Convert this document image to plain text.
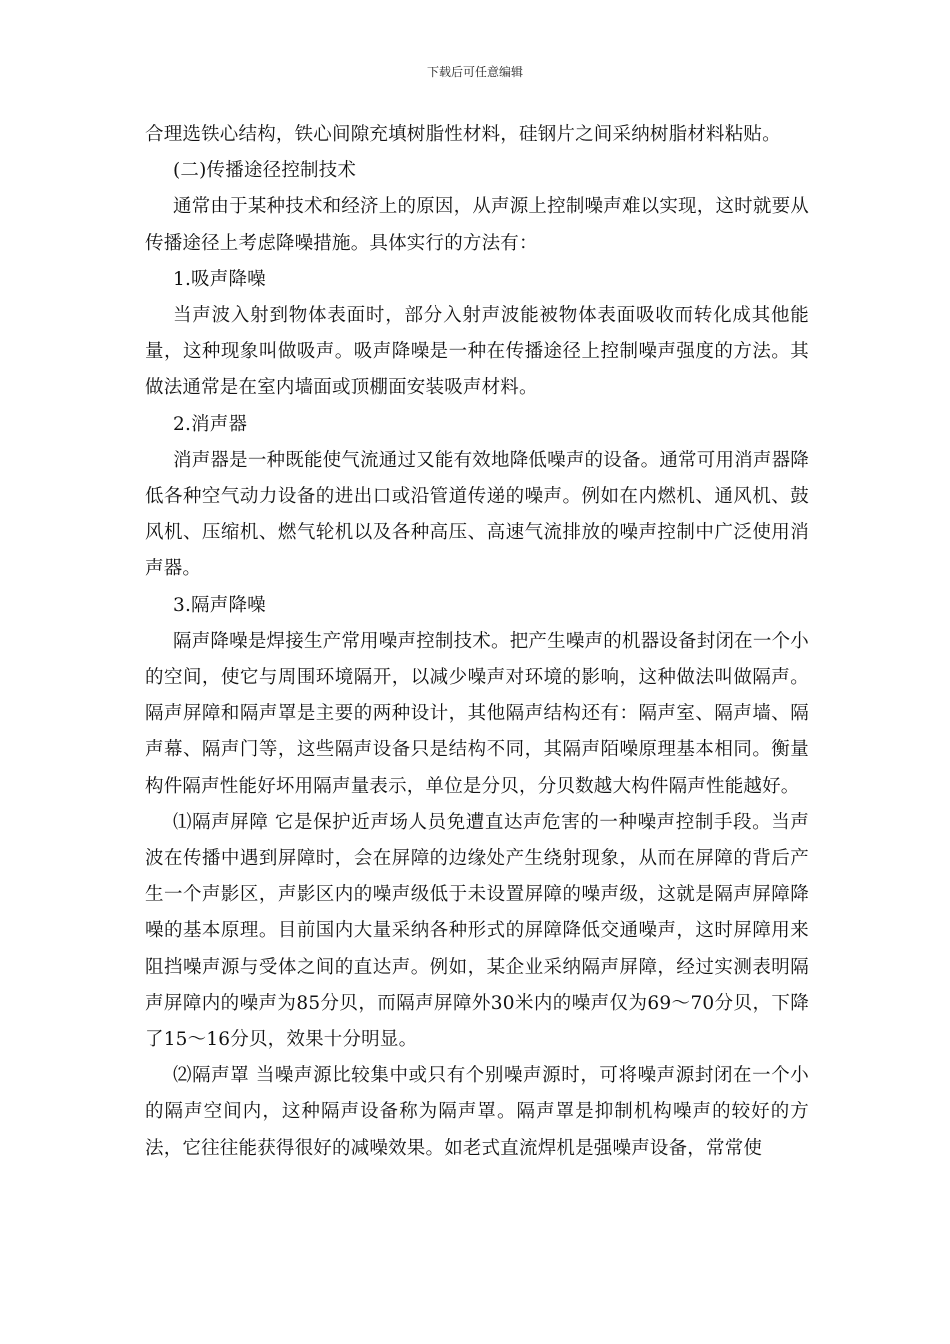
下载后可任意编辑

合理选铁心结构，铁心间隙充填树脂性材料，硅钢片之间采纳树脂材料粘贴。

(二)传播途径控制技术

通常由于某种技术和经济上的原因，从声源上控制噪声难以实现，这时就要从传播途径上考虑降噪措施。具体实行的方法有：

1.吸声降噪

当声波入射到物体表面时，部分入射声波能被物体表面吸收而转化成其他能量，这种现象叫做吸声。吸声降噪是一种在传播途径上控制噪声强度的方法。其做法通常是在室内墙面或顶棚面安装吸声材料。

2.消声器

消声器是一种既能使气流通过又能有效地降低噪声的设备。通常可用消声器降低各种空气动力设备的进出口或沿管道传递的噪声。例如在内燃机、通风机、鼓风机、压缩机、燃气轮机以及各种高压、高速气流排放的噪声控制中广泛使用消声器。

3.隔声降噪

隔声降噪是焊接生产常用噪声控制技术。把产生噪声的机器设备封闭在一个小的空间，使它与周围环境隔开，以减少噪声对环境的影响，这种做法叫做隔声。隔声屏障和隔声罩是主要的两种设计，其他隔声结构还有：隔声室、隔声墙、隔声幕、隔声门等，这些隔声设备只是结构不同，其隔声陌噪原理基本相同。衡量构件隔声性能好坏用隔声量表示，单位是分贝，分贝数越大构件隔声性能越好。

⑴隔声屏障 它是保护近声场人员免遭直达声危害的一种噪声控制手段。当声波在传播中遇到屏障时，会在屏障的边缘处产生绕射现象，从而在屏障的背后产生一个声影区，声影区内的噪声级低于未设置屏障的噪声级，这就是隔声屏障降噪的基本原理。目前国内大量采纳各种形式的屏障降低交通噪声，这时屏障用来阻挡噪声源与受体之间的直达声。例如，某企业采纳隔声屏障，经过实测表明隔声屏障内的噪声为85分贝，而隔声屏障外30米内的噪声仅为69～70分贝，下降了15～16分贝，效果十分明显。

⑵隔声罩 当噪声源比较集中或只有个别噪声源时，可将噪声源封闭在一个小的隔声空间内，这种隔声设备称为隔声罩。隔声罩是抑制机构噪声的较好的方法，它往往能获得很好的减噪效果。如老式直流焊机是强噪声设备，常常使
